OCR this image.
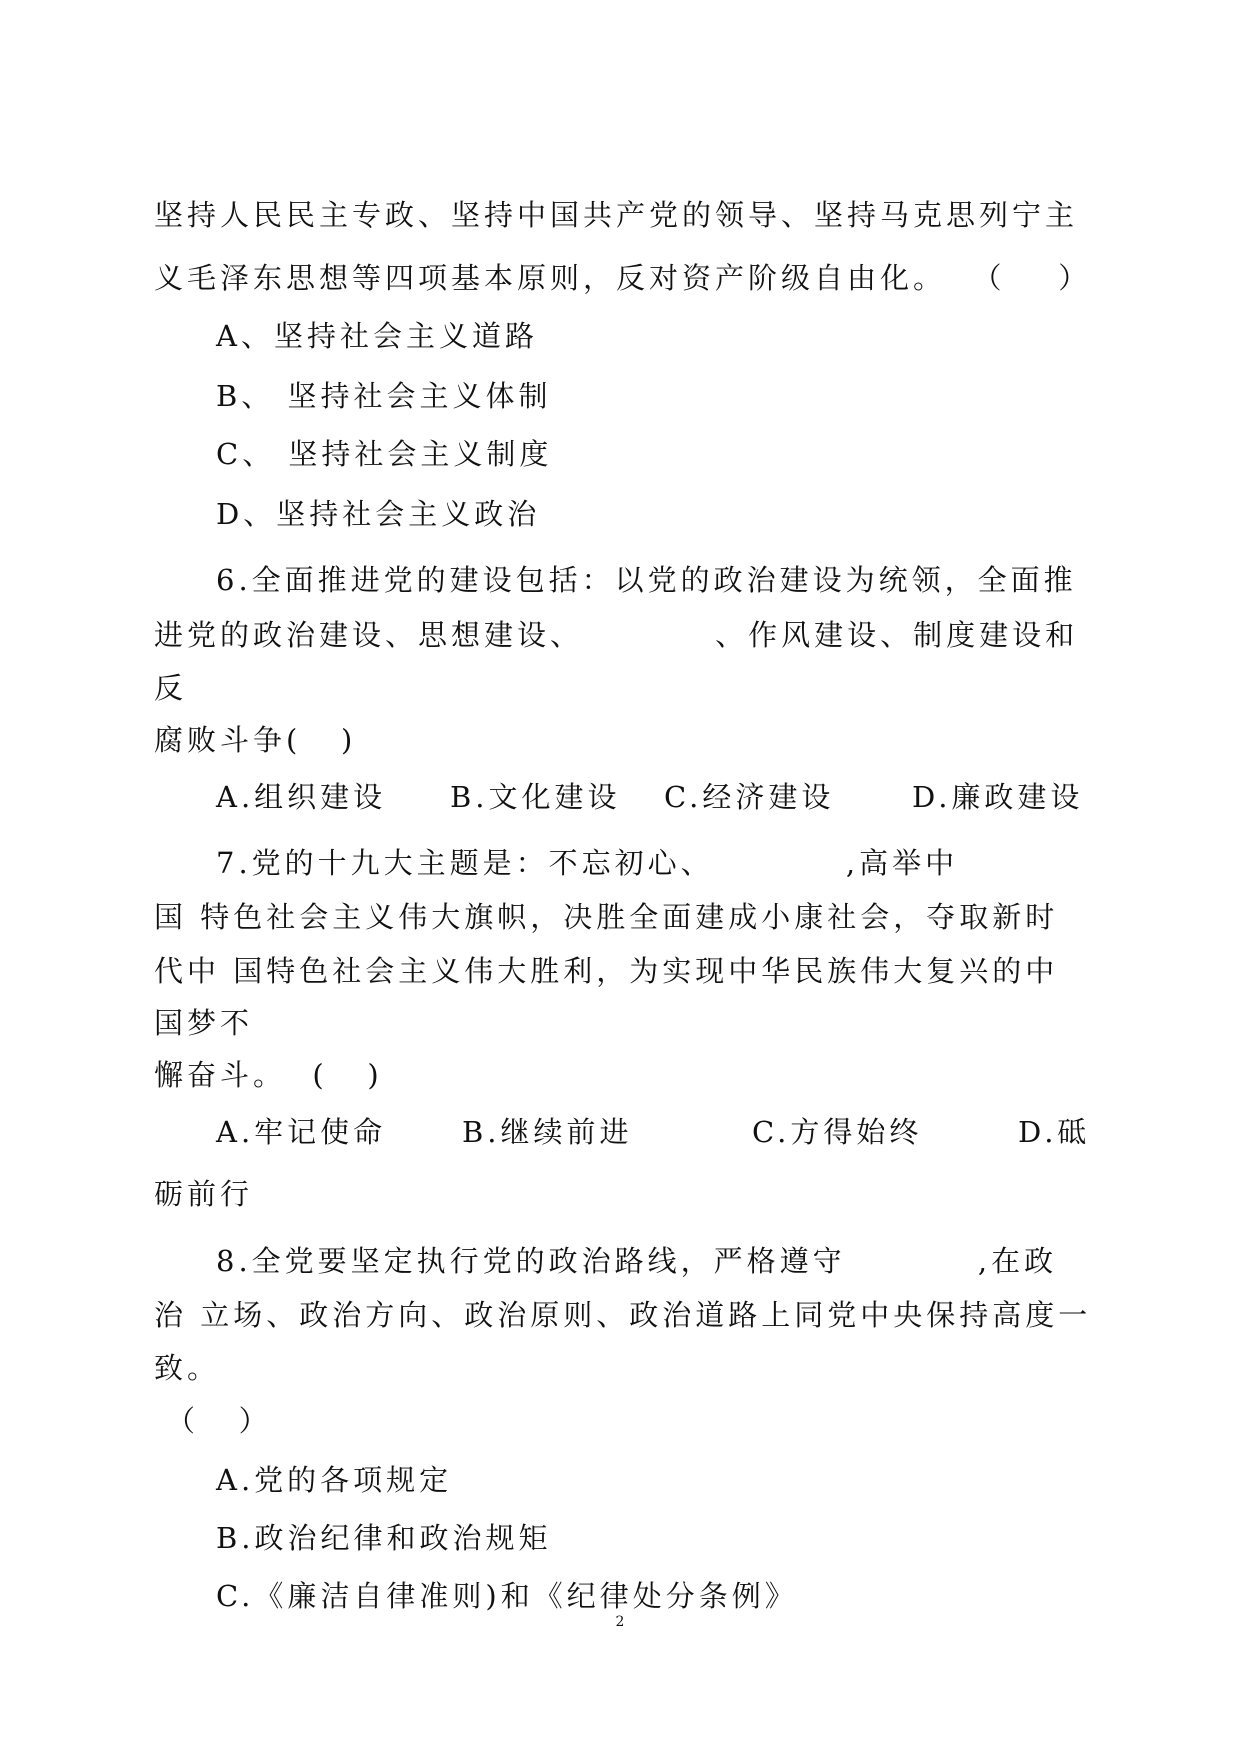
坚持人民民主专政、坚持中国共产党的领导、坚持马克思列宁主
义毛泽东思想等四项基本原则，反对资产阶级自由化。  （    ）
A、坚持社会主义道路
B、 坚持社会主义体制
C、 坚持社会主义制度
D、坚持社会主义政治
6.全面推进党的建设包括：以党的政治建设为统领，全面推
进党的政治建设、思想建设、          、作风建设、制度建设和
反
腐败斗争(   )
A.组织建设 B.文化建设 C.经济建设	D.廉政建设
7.党的十九大主题是：不忘初心、          ,高举中
国 特色社会主义伟大旗帜，决胜全面建成小康社会，夺取新时
代中 国特色社会主义伟大胜利，为实现中华民族伟大复兴的中
国梦不
懈奋斗。  (   )
A.牢记使命	B.继续前进	C.方得始终	D.砥
砺前行
8.全党要坚定执行党的政治路线，严格遵守          ,在政
治 立场、政治方向、政治原则、政治道路上同党中央保持高度一
致。
（   ）
A.党的各项规定
B.政治纪律和政治规矩
C.《廉洁自律准则)和《纪律处分条例》
2
